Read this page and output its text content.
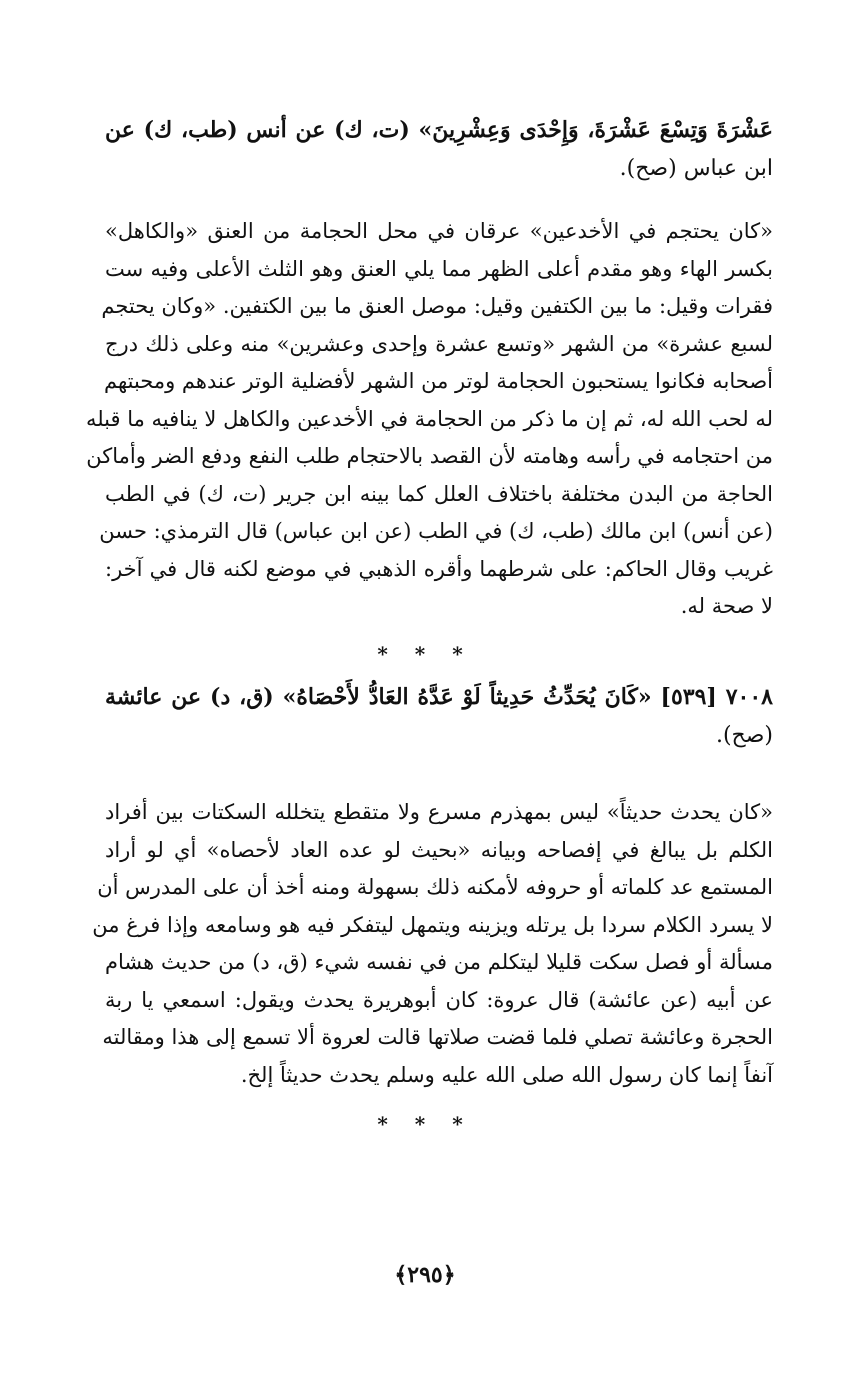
عَشْرَةَ وَتِسْعَ عَشْرَةَ، وَإِحْدَى وَعِشْرِينَ» (ت، ك) عن أنس (طب، ك) عن
ابن عباس (صح).
«كان يحتجم في الأخدعين» عرقان في محل الحجامة من العنق «والكاهل»
بكسر الهاء وهو مقدم أعلى الظهر مما يلي العنق وهو الثلث الأعلى وفيه ست
فقرات وقيل: ما بين الكتفين وقيل: موصل العنق ما بين الكتفين. «وكان يحتجم
لسبع عشرة» من الشهر «وتسع عشرة وإحدى وعشرين» منه وعلى ذلك درج
أصحابه فكانوا يستحبون الحجامة لوتر من الشهر لأفضلية الوتر عندهم ومحبتهم
له لحب الله له، ثم إن ما ذكر من الحجامة في الأخدعين والكاهل لا ينافيه ما قبله
من احتجامه في رأسه وهامته لأن القصد بالاحتجام طلب النفع ودفع الضر وأماكن
الحاجة من البدن مختلفة باختلاف العلل كما بينه ابن جرير (ت، ك) في الطب
(عن أنس) ابن مالك (طب، ك) في الطب (عن ابن عباس) قال الترمذي: حسن
غريب وقال الحاكم: على شرطهما وأقره الذهبي في موضع لكنه قال في آخر:
لا صحة له.
* * *
٧٠٠٨ [٥٣٩] «كَانَ يُحَدِّثُ حَدِيثاً لَوْ عَدَّهُ العَادُّ لأَحْصَاهُ» (ق، د) عن عائشة
(صح).
«كان يحدث حديثاً» ليس بمهذرم مسرع ولا متقطع يتخلله السكتات بين أفراد
الكلم بل يبالغ في إفصاحه وبيانه «بحيث لو عده العاد لأحصاه» أي لو أراد
المستمع عد كلماته أو حروفه لأمكنه ذلك بسهولة ومنه أخذ أن على المدرس أن
لا يسرد الكلام سردا بل يرتله ويزينه ويتمهل ليتفكر فيه هو وسامعه وإذا فرغ من
مسألة أو فصل سكت قليلا ليتكلم من في نفسه شيء (ق، د) من حديث هشام
عن أبيه (عن عائشة) قال عروة: كان أبوهريرة يحدث ويقول: اسمعي يا ربة
الحجرة وعائشة تصلي فلما قضت صلاتها قالت لعروة ألا تسمع إلى هذا ومقالته
آنفاً إنما كان رسول الله صلى الله عليه وسلم يحدث حديثاً إلخ.
* * *
﴿٢٩٥﴾
